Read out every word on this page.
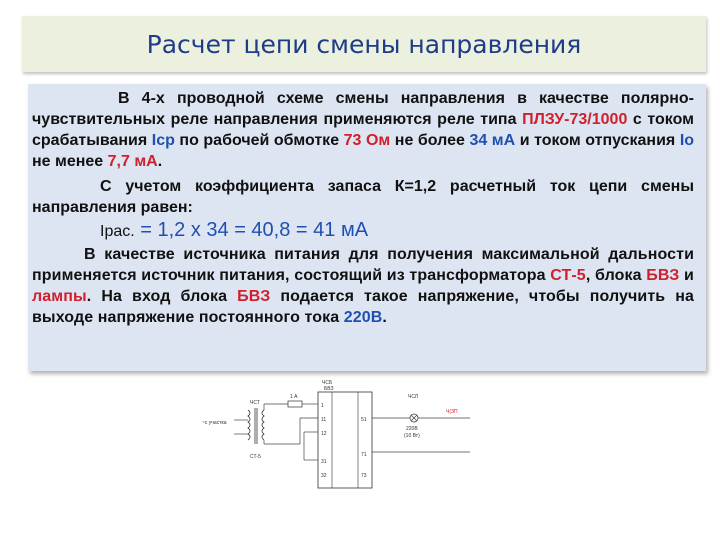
Расчет цепи смены направления
В 4-х проводной схеме смены направления в качестве полярно-чувствительных реле направления применяются реле типа ПЛЗУ-73/1000 с током срабатывания Iср по рабочей обмотке 73 Ом не более 34 мА и током отпускания Iо не менее 7,7 мА.
С учетом коэффициента запаса К=1,2 расчетный ток цепи смены направления равен:
Iрас. = 1,2 х 34 = 40,8 = 41 мА
В качестве источника питания для получения максимальной дальности применяется источник питания, состоящий из трансформатора СТ-5, блока БВЗ и лампы. На вход блока БВЗ подается такое напряжение, чтобы получить на выходе напряжение постоянного тока 220В.
~с участка
ЧСТ
СТ-5
1 А
ЧСБ
БВЗ
1
11
12
31
32
51
71
73
ЧСЛ
220В
(10 Вт)
Ч(ЗП
